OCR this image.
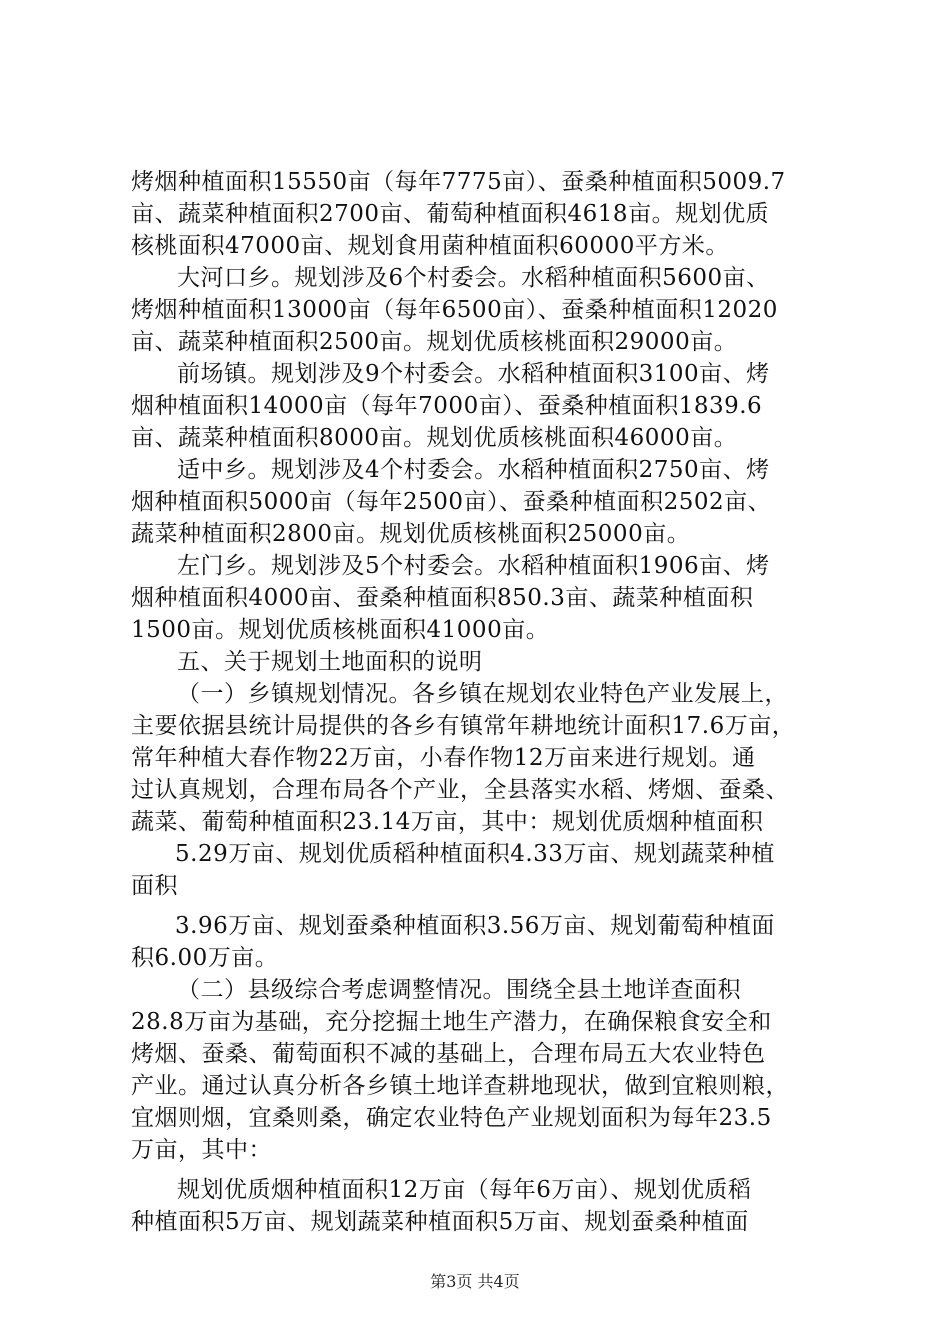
烤烟种植面积15550亩（每年7775亩）、蚕桑种植面积5009.7
亩、蔬菜种植面积2700亩、葡萄种植面积4618亩。规划优质
核桃面积47000亩、规划食用菌种植面积60000平方米。
大河口乡。规划涉及6个村委会。水稻种植面积5600亩、
烤烟种植面积13000亩（每年6500亩）、蚕桑种植面积12020
亩、蔬菜种植面积2500亩。规划优质核桃面积29000亩。
前场镇。规划涉及9个村委会。水稻种植面积3100亩、烤
烟种植面积14000亩（每年7000亩）、蚕桑种植面积1839.6
亩、蔬菜种植面积8000亩。规划优质核桃面积46000亩。
适中乡。规划涉及4个村委会。水稻种植面积2750亩、烤
烟种植面积5000亩（每年2500亩）、蚕桑种植面积2502亩、
蔬菜种植面积2800亩。规划优质核桃面积25000亩。
左门乡。规划涉及5个村委会。水稻种植面积1906亩、烤
烟种植面积4000亩、蚕桑种植面积850.3亩、蔬菜种植面积
1500亩。规划优质核桃面积41000亩。
五、关于规划土地面积的说明
（一）乡镇规划情况。各乡镇在规划农业特色产业发展上，
主要依据县统计局提供的各乡有镇常年耕地统计面积17.6万亩，
常年种植大春作物22万亩，小春作物12万亩来进行规划。通
过认真规划，合理布局各个产业，全县落实水稻、烤烟、蚕桑、
蔬菜、葡萄种植面积23.14万亩，其中：规划优质烟种植面积
5.29万亩、规划优质稻种植面积4.33万亩、规划蔬菜种植
面积
3.96万亩、规划蚕桑种植面积3.56万亩、规划葡萄种植面
积6.00万亩。
（二）县级综合考虑调整情况。围绕全县土地详查面积
28.8万亩为基础，充分挖掘土地生产潜力，在确保粮食安全和
烤烟、蚕桑、葡萄面积不减的基础上，合理布局五大农业特色
产业。通过认真分析各乡镇土地详查耕地现状，做到宜粮则粮，
宜烟则烟，宜桑则桑，确定农业特色产业规划面积为每年23.5
万亩，其中：
规划优质烟种植面积12万亩（每年6万亩）、规划优质稻
种植面积5万亩、规划蔬菜种植面积5万亩、规划蚕桑种植面
第3页 共4页
